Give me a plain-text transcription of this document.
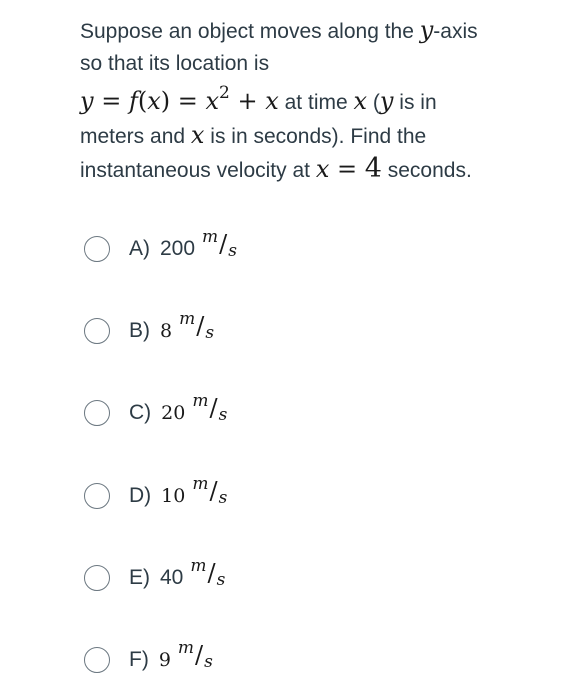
Suppose an object moves along the y-axis
so that its location is
$y = f(x) = x^2 + x$ at time x (y is in
meters and x is in seconds). Find the
instantaneous velocity at x = 4 seconds.
A) 200 m / s
B) 8
m / s
C) 20
m / s
D) 10
m / s
E) 40 m / s
F) 9
m / s
